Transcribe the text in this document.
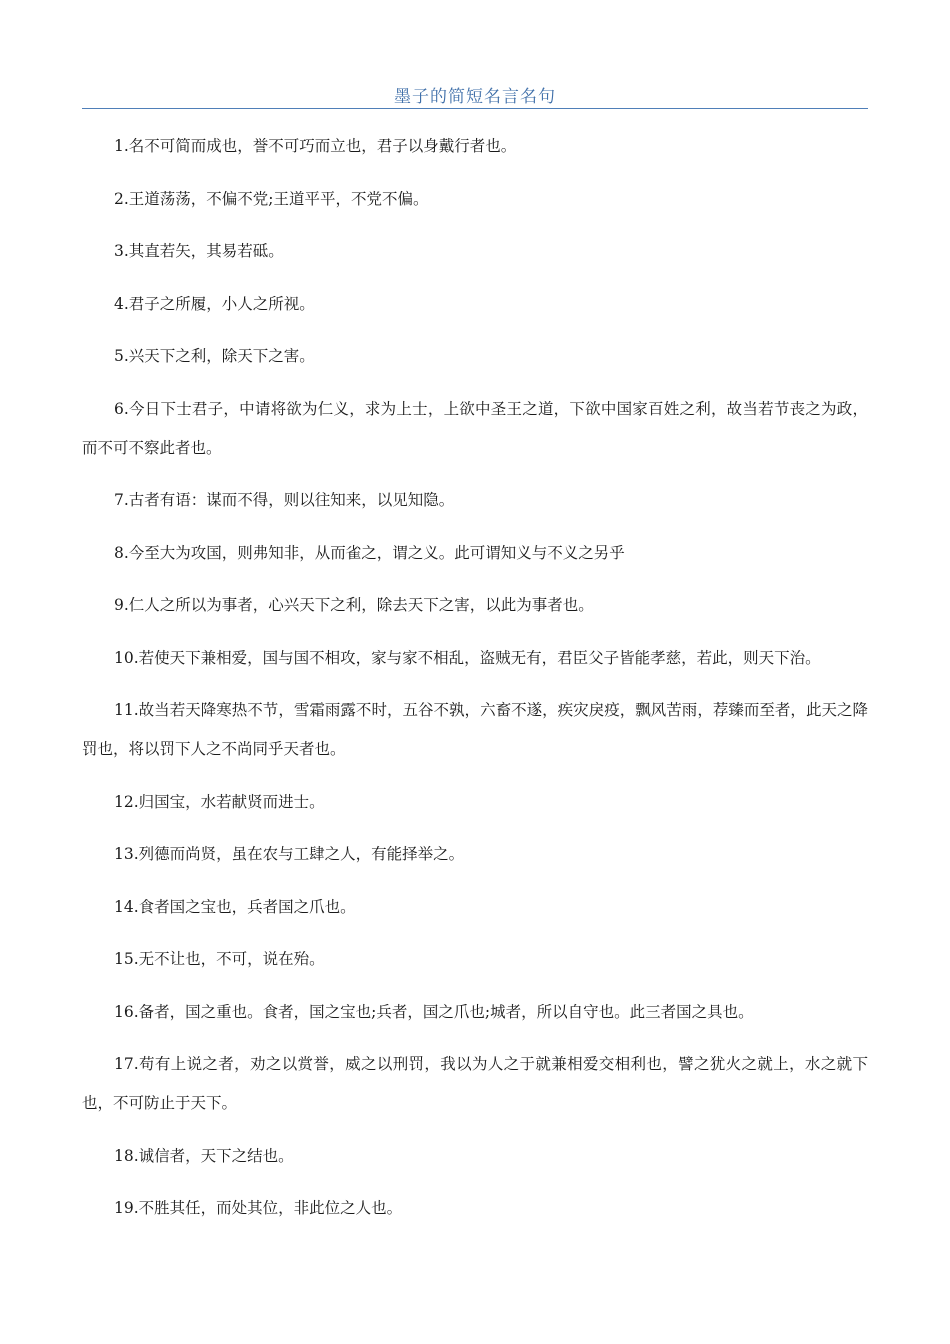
墨子的简短名言名句

1.名不可简而成也，誉不可巧而立也，君子以身戴行者也。

2.王道荡荡，不偏不党;王道平平，不党不偏。

3.其直若矢，其易若砥。

4.君子之所履，小人之所视。

5.兴天下之利，除天下之害。

6.今日下士君子，中请将欲为仁义，求为上士，上欲中圣王之道，下欲中国家百姓之利，故当若节丧之为政，而不可不察此者也。

7.古者有语：谋而不得，则以往知来，以见知隐。

8.今至大为攻国，则弗知非，从而雀之，谓之义。此可谓知义与不义之另乎

9.仁人之所以为事者，心兴天下之利，除去天下之害，以此为事者也。

10.若使天下兼相爱，国与国不相攻，家与家不相乱，盗贼无有，君臣父子皆能孝慈，若此，则天下治。

11.故当若天降寒热不节，雪霜雨露不时，五谷不孰，六畜不遂，疾灾戾疫，飘风苦雨，荐臻而至者，此天之降罚也，将以罚下人之不尚同乎天者也。

12.归国宝，水若献贤而进士。

13.列德而尚贤，虽在农与工肆之人，有能择举之。

14.食者国之宝也，兵者国之爪也。

15.无不让也，不可，说在殆。

16.备者，国之重也。食者，国之宝也;兵者，国之爪也;城者，所以自守也。此三者国之具也。

17.苟有上说之者，劝之以赏誉，威之以刑罚，我以为人之于就兼相爱交相利也，譬之犹火之就上，水之就下也，不可防止于天下。

18.诚信者，天下之结也。

19.不胜其任，而处其位，非此位之人也。
